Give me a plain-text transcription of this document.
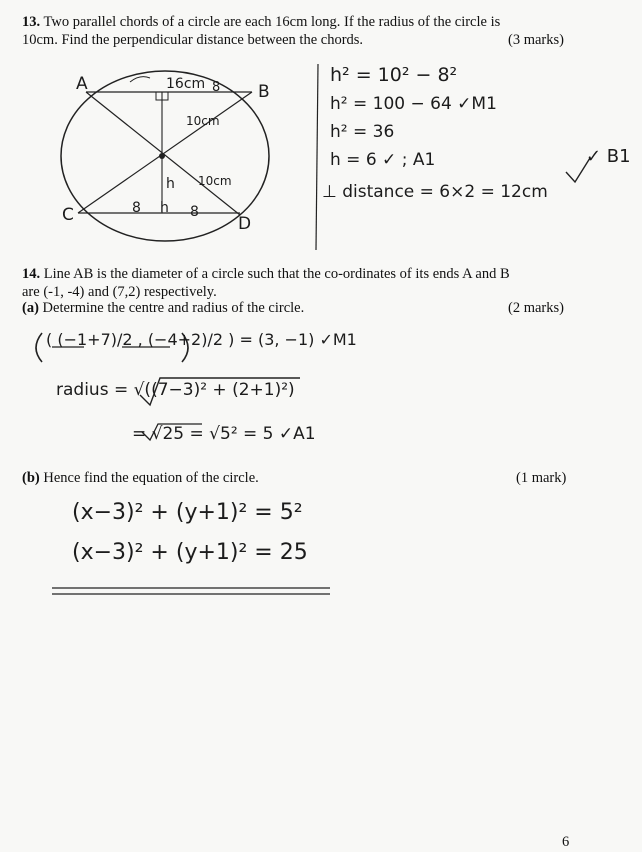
13. Two parallel chords of a circle are each 16cm long. If the radius of the circle is
10cm. Find the perpendicular distance between the chords.	(3 marks)
A	B
C	D
16cm 8
10cm
10cm
h
8 h 8
h² = 10² − 8²
h² = 100 − 64 ✓M1
h² = 36
h = 6 ✓ ; A1
⊥ distance = 6×2 = 12cm
✓ B1
14. Line AB is the diameter of a circle such that the co-ordinates of its ends A and B
are (-1, -4) and (7,2) respectively.
(a) Determine the centre and radius of the circle.	(2 marks)
( (−1+7)/2 , (−4+2)/2 ) = (3, −1) ✓M1
radius = √((7−3)² + (2+1)²)
= √25 = √5² = 5 ✓A1
(b) Hence find the equation of the circle.	(1 mark)
(x−3)² + (y+1)² = 5²
(x−3)² + (y+1)² = 25
6
